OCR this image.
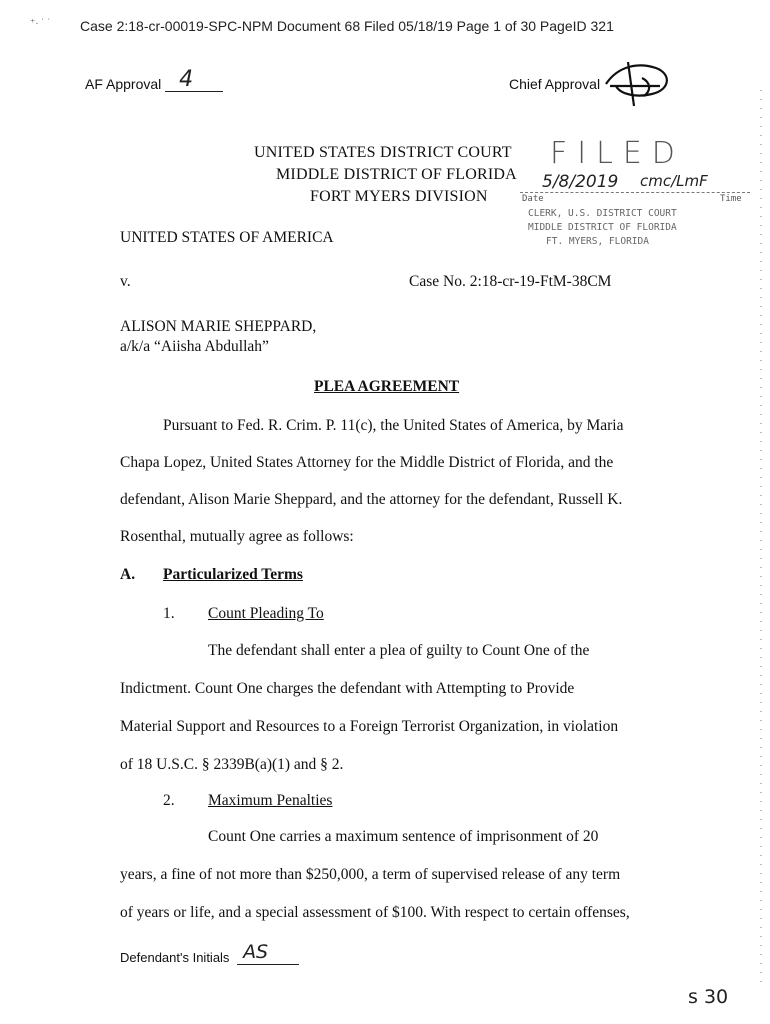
⁺· ˙ ˙ Case 2:18-cr-00019-SPC-NPM Document 68 Filed 05/18/19 Page 1 of 30 PageID 321
AF Approval 4	Chief Approval
UNITED STATES DISTRICT COURT
MIDDLE DISTRICT OF FLORIDA
FORT MYERS DIVISION
FILED
5/8/2019 cmc/LmF
Date	Time
CLERK, U.S. DISTRICT COURT
MIDDLE DISTRICT OF FLORIDA
FT. MYERS, FLORIDA
UNITED STATES OF AMERICA
v.	Case No. 2:18-cr-19-FtM-38CM
ALISON MARIE SHEPPARD,
a/k/a “Aiisha Abdullah”
PLEA AGREEMENT
Pursuant to Fed. R. Crim. P. 11(c), the United States of America, by Maria
Chapa Lopez, United States Attorney for the Middle District of Florida, and the
defendant, Alison Marie Sheppard, and the attorney for the defendant, Russell K.
Rosenthal, mutually agree as follows:
A. Particularized Terms
1. Count Pleading To
The defendant shall enter a plea of guilty to Count One of the
Indictment. Count One charges the defendant with Attempting to Provide
Material Support and Resources to a Foreign Terrorist Organization, in violation
of 18 U.S.C. § 2339B(a)(1) and § 2.
2. Maximum Penalties
Count One carries a maximum sentence of imprisonment of 20
years, a fine of not more than $250,000, a term of supervised release of any term
of years or life, and a special assessment of $100. With respect to certain offenses,
Defendant's Initials AS
s 30
